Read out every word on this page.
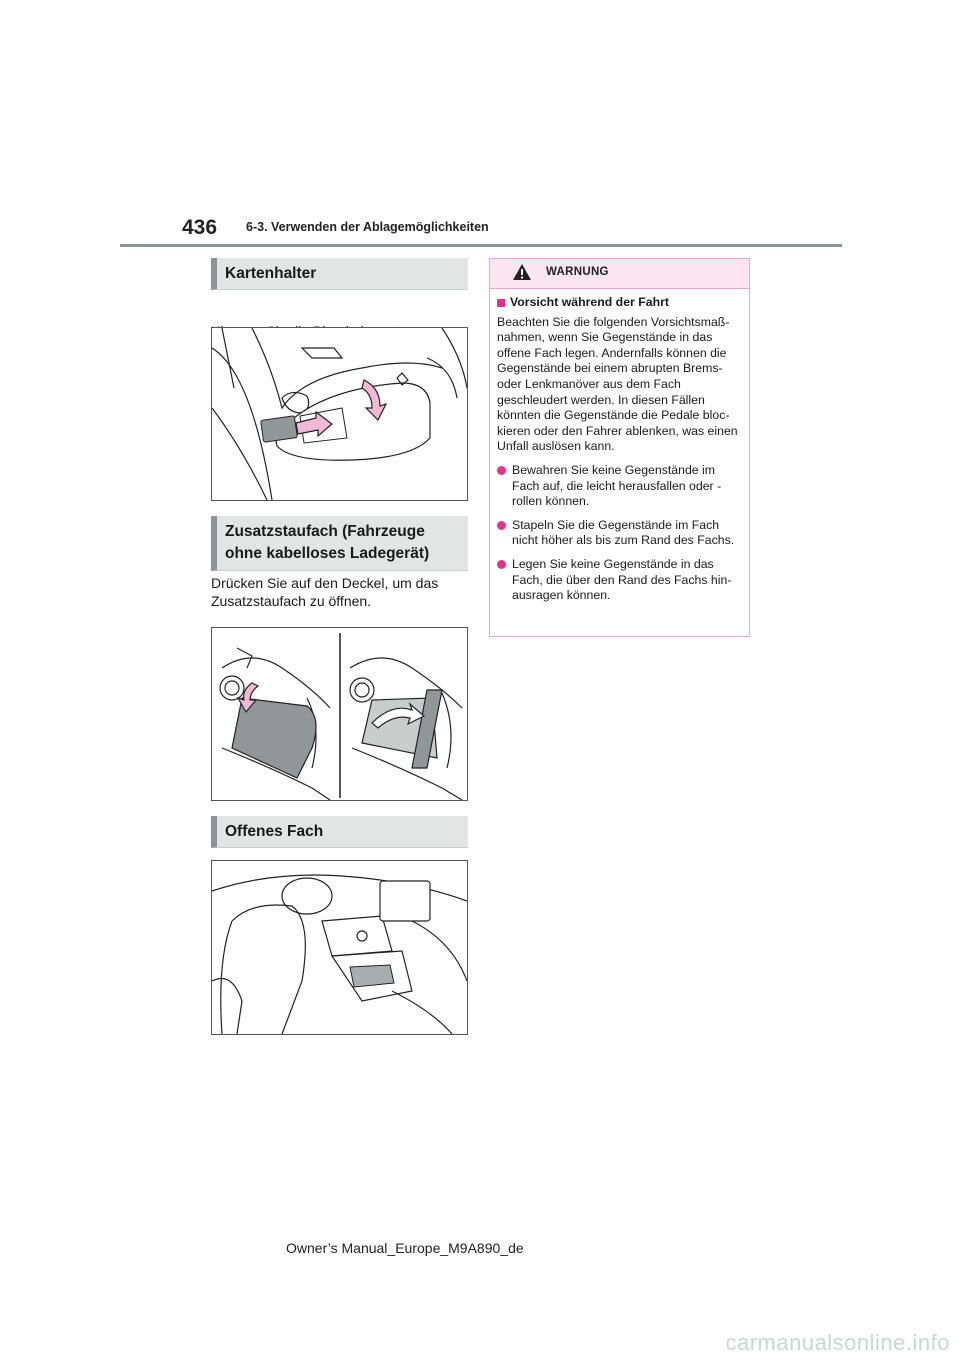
436 6-3. Verwenden der Ablagemöglichkeiten
Kartenhalter
Zusatzstaufach (Fahrzeuge
ohne kabelloses Ladegerät)
Drücken Sie auf den Deckel, um das Zusatzstaufach zu öffnen.
Offenes Fach
WARNUNG
Vorsicht während der Fahrt
Beachten Sie die folgenden Vorsichtsmaß-nahmen, wenn Sie Gegenstände in das offene Fach legen. Andernfalls können die Gegenstände bei einem abrupten Brems- oder Lenkmanöver aus dem Fach geschleudert werden. In diesen Fällen könnten die Gegenstände die Pedale bloc-kieren oder den Fahrer ablenken, was einen Unfall auslösen kann.
Bewahren Sie keine Gegenstände im Fach auf, die leicht herausfallen oder -rollen können.
Stapeln Sie die Gegenstände im Fach nicht höher als bis zum Rand des Fachs.
Legen Sie keine Gegenstände in das Fach, die über den Rand des Fachs hin-ausragen können.
Owner’s Manual_Europe_M9A890_de
carmanualsonline.info
